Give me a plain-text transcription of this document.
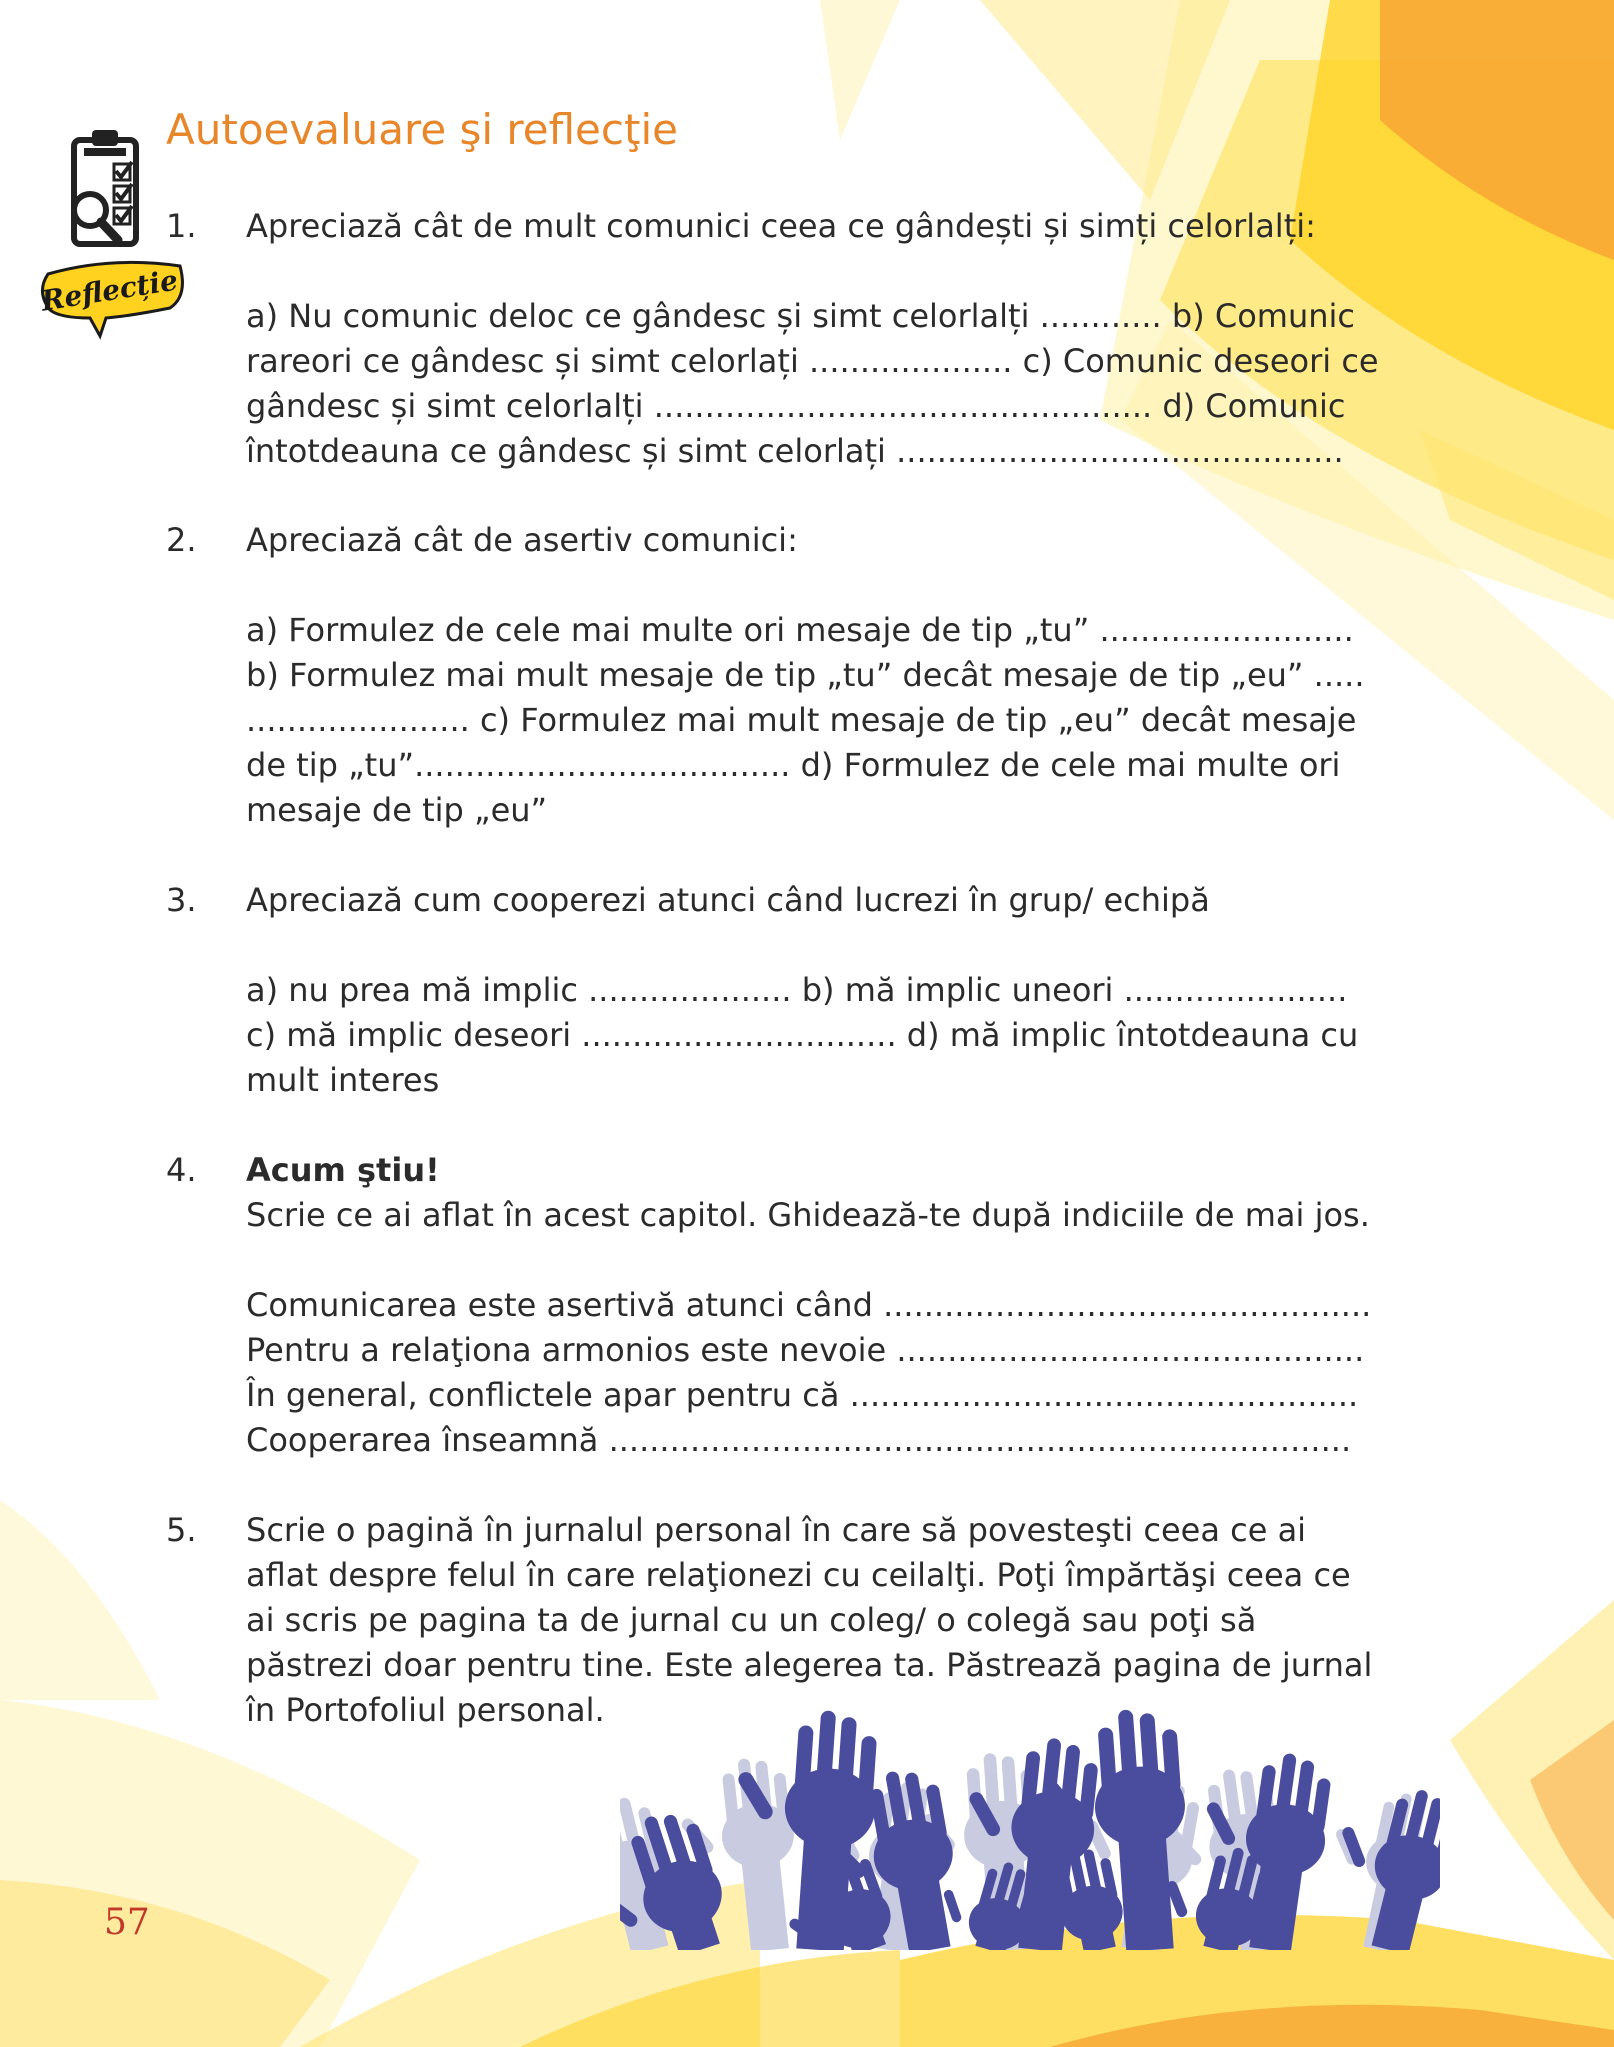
Reflecție
Autoevaluare şi reflecţie
1.	Apreciază cât de mult comunici ceea ce gândești și simți celorlalți:

a) Nu comunic deloc ce gândesc și simt celorlalți ............ b) Comunic

rareori ce gândesc și simt celorlați .................... c) Comunic deseori ce

gândesc și simt celorlalți ................................................. d) Comunic

întotdeauna ce gândesc și simt celorlați ............................................

2.	Apreciază cât de asertiv comunici:

a) Formulez de cele mai multe ori mesaje de tip „tu” .........................

b) Formulez mai mult mesaje de tip „tu” decât mesaje de tip „eu” .....

...................... c) Formulez mai mult mesaje de tip „eu” decât mesaje

de tip „tu”..................................... d) Formulez de cele mai multe ori

mesaje de tip „eu”

3.	Apreciază cum cooperezi atunci când lucrezi în grup/ echipă

a) nu prea mă implic .................... b) mă implic uneori ......................

c) mă implic deseori ............................... d) mă implic întotdeauna cu

mult interes

4.	Acum ştiu!

Scrie ce ai aflat în acest capitol. Ghidează-te după indiciile de mai jos.

Comunicarea este asertivă atunci când ................................................

Pentru a relaţiona armonios este nevoie ..............................................

În general, conflictele apar pentru că ..................................................

Cooperarea înseamnă .........................................................................

5.	Scrie o pagină în jurnalul personal în care să povesteşti ceea ce ai

aflat despre felul în care relaţionezi cu ceilalţi. Poţi împărtăşi ceea ce

ai scris pe pagina ta de jurnal cu un coleg/ o colegă sau poţi să

păstrezi doar pentru tine. Este alegerea ta. Păstrează pagina de jurnal

în Portofoliul personal.

57
